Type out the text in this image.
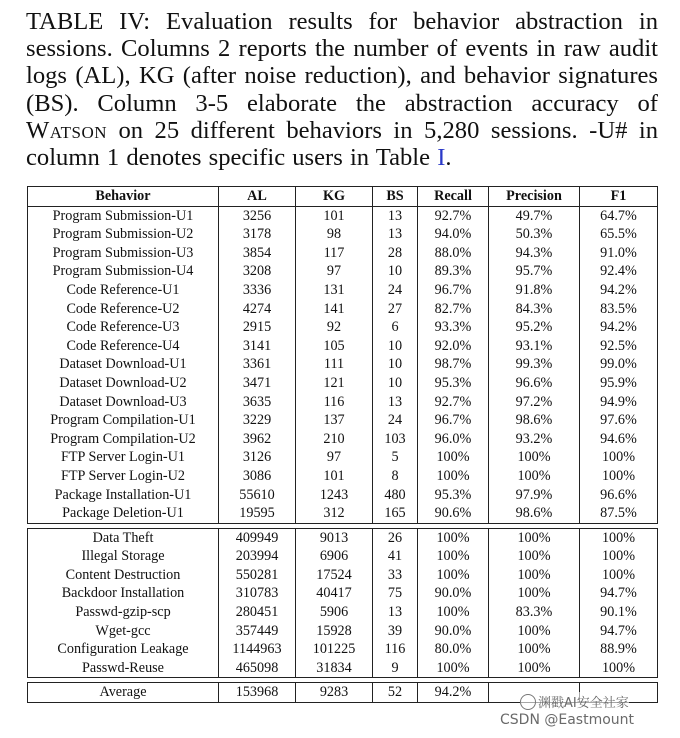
TABLE IV: Evaluation results for behavior abstraction in sessions. Columns 2 reports the number of events in raw audit logs (AL), KG (after noise reduction), and behavior signatures (BS). Column 3-5 elaborate the abstraction accuracy of Watson on 25 different behaviors in 5,280 sessions. -U# in column 1 denotes specific users in Table I.
Behavior	AL	KG	BS	Recall	Precision	F1
Program Submission-U1	3256	101	13	92.7%	49.7%	64.7%
Program Submission-U2	3178	98	13	94.0%	50.3%	65.5%
Program Submission-U3	3854	117	28	88.0%	94.3%	91.0%
Program Submission-U4	3208	97	10	89.3%	95.7%	92.4%
Code Reference-U1	3336	131	24	96.7%	91.8%	94.2%
Code Reference-U2	4274	141	27	82.7%	84.3%	83.5%
Code Reference-U3	2915	92	6	93.3%	95.2%	94.2%
Code Reference-U4	3141	105	10	92.0%	93.1%	92.5%
Dataset Download-U1	3361	111	10	98.7%	99.3%	99.0%
Dataset Download-U2	3471	121	10	95.3%	96.6%	95.9%
Dataset Download-U3	3635	116	13	92.7%	97.2%	94.9%
Program Compilation-U1	3229	137	24	96.7%	98.6%	97.6%
Program Compilation-U2	3962	210	103	96.0%	93.2%	94.6%
FTP Server Login-U1	3126	97	5	100%	100%	100%
FTP Server Login-U2	3086	101	8	100%	100%	100%
Package Installation-U1	55610	1243	480	95.3%	97.9%	96.6%
Package Deletion-U1	19595	312	165	90.6%	98.6%	87.5%

Data Theft	409949	9013	26	100%	100%	100%
Illegal Storage	203994	6906	41	100%	100%	100%
Content Destruction	550281	17524	33	100%	100%	100%
Backdoor Installation	310783	40417	75	90.0%	100%	94.7%
Passwd-gzip-scp	280451	5906	13	100%	83.3%	90.1%
Wget-gcc	357449	15928	39	90.0%	100%	94.7%
Configuration Leakage	1144963	101225	116	80.0%	100%	88.9%
Passwd-Reuse	465098	31834	9	100%	100%	100%

Average	153968	9283	52	94.2%		
渊戳AI安全社家
CSDN @Eastmount
